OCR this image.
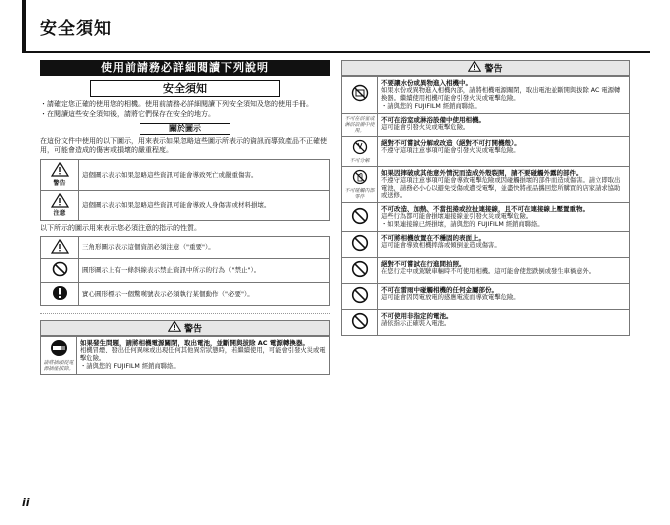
安全須知
使用前請務必詳細閱讀下列說明
安全須知
・請確定您正確的使用您的相機。使用前請務必詳細閱讀下列安全須知及您的使用手冊。
・在閱讀這些安全須知後，請將它們保存在安全的地方。
關於圖示
在這份文件中使用的以下圖示，用來表示如果忽略這些圖示所表示的資訊而導致產品不正確使用，可能會造成的傷害或損壞的嚴重程度。
警告	這個圖示表示如果忽略這些資訊可能會導致死亡或嚴重傷害。

注意	這個圖示表示如果忽略這些資訊可能會導致人身傷害或材料損壞。
以下所示的圖示用來表示您必須注意的指示的性質。
	三角形圖示表示這個資訊必須注意（"重要"）。
	圓形圖示上有一條斜線表示禁止資訊中所示的行為（"禁止"）。
	實心圓形標示一個驚嘆號表示必須執行某個動作（"必要"）。
警告
請將插頭從電源插座拔除。

如果發生問題，請將相機電源關閉，取出電池，並斷開與拔除 AC 電源轉換器。
相機冒煙、發出任何異味或出現任何其他異常狀態時，若繼續使用，可能會引發火災或電擊危險。
・請與您的 FUJIFILM 經銷商聯絡。
警告

不要讓水份或異物進入相機中。
如果水份或異物進入相機內部，請將相機電源關閉，取出電池並斷開與拔除 AC 電源轉換器。繼續使用相機可能會引發火災或電擊危險。
・請與您的 FUJIFILM 經銷商聯絡。

不可在浴室或淋浴設備中使用。	不可在浴室或淋浴設備中使用相機。
這可能會引發火災或電擊危險。

不可分解	絕對不可嘗試分解或改造（絕對不可打開機殼）。
不遵守這項注意事項可能會引發火災或電擊危險。

不可碰觸內部零件	如果因摔破或其他意外情況而造成外殼裂開，請不要碰觸外露的部件。
不遵守這項注意事項可能會導致電擊危險或因碰觸損壞的部件而造成傷害。請立即取出電池，請務必小心以避免受傷或遭受電擊，並盡快將產品攜回您所購買的店家請求協助或送修。

不可改造、加熱、不當扭捲或拉扯連接線，且不可在連接線上壓置重物。
這些行為都可能會損壞連接線並引發火災或電擊危險。
・如果連接線已經損壞，請與您的 FUJIFILM 經銷商聯絡。

不可將相機放置在不穩固的表面上。
這可能會導致相機摔落或傾倒並造成傷害。

絕對不可嘗試在行進間拍照。
在您行走中或駕駛車輛時不可使用相機。這可能會使您跌倒或發生車禍意外。

不可在雷雨中碰觸相機的任何金屬部份。
這可能會因閃電放電的感應電流而導致電擊危險。

不可使用非指定的電池。
請依指示正確裝入電池。
ii
